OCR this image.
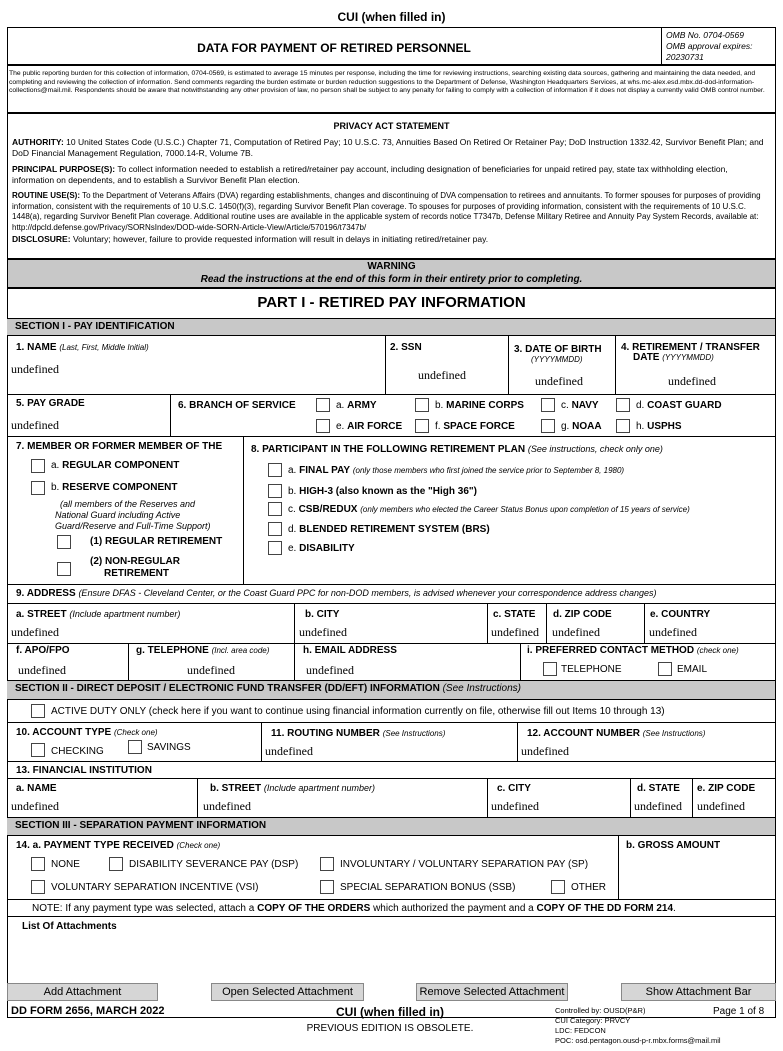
CUI (when filled in)
DATA FOR PAYMENT OF RETIRED PERSONNEL
OMB No. 0704-0569
OMB approval expires:
20230731
The public reporting burden for this collection of information, 0704-0569, is estimated to average 15 minutes per response, including the time for reviewing instructions, searching existing data sources, gathering and maintaining the data needed, and completing and reviewing the collection of information. Send comments regarding the burden estimate or burden reduction suggestions to the Department of Defense, Washington Headquarters Services, at whs.mc-alex.esd.mbx.dd-dod-information-collections@mail.mil. Respondents should be aware that notwithstanding any other provision of law, no person shall be subject to any penalty for failing to comply with a collection of information if it does not display a currently valid OMB control number.
PRIVACY ACT STATEMENT
AUTHORITY: 10 United States Code (U.S.C.) Chapter 71, Computation of Retired Pay; 10 U.S.C. 73, Annuities Based On Retired Or Retainer Pay; DoD Instruction 1332.42, Survivor Benefit Plan; and DoD Financial Management Regulation, 7000.14-R, Volume 7B.
PRINCIPAL PURPOSE(S): To collect information needed to establish a retired/retainer pay account, including designation of beneficiaries for unpaid retired pay, state tax withholding election, information on dependents, and to establish a Survivor Benefit Plan election.
ROUTINE USE(S): To the Department of Veterans Affairs (DVA) regarding establishments, changes and discontinuing of DVA compensation to retirees and annuitants. To former spouses for purposes of providing information, consistent with the requirements of 10 U.S.C. 1450(f)(3), regarding Survivor Benefit Plan coverage. To spouses for purposes of providing information, consistent with the requirements of 10 U.S.C. 1448(a), regarding Survivor Benefit Plan coverage. Additional routine uses are available in the applicable system of records notice T7347b, Defense Military Retiree and Annuity Pay System Records, available at: http://dpcld.defense.gov/Privacy/SORNsIndex/DOD-wide-SORN-Article-View/Article/570196/t7347b/
DISCLOSURE: Voluntary; however, failure to provide requested information will result in delays in initiating retired/retainer pay.
WARNING
Read the instructions at the end of this form in their entirety prior to completing.
PART I - RETIRED PAY INFORMATION
SECTION I - PAY IDENTIFICATION
1. NAME (Last, First, Middle Initial)
undefined
2. SSN
undefined
3. DATE OF BIRTH
(YYYYMMDD)
undefined
4. RETIREMENT / TRANSFER
DATE (YYYYMMDD)
undefined
5. PAY GRADE
undefined
6. BRANCH OF SERVICE	a. ARMY	b. MARINE CORPS	c. NAVY	d. COAST GUARD
e. AIR FORCE	f. SPACE FORCE	g. NOAA	h. USPHS
7. MEMBER OR FORMER MEMBER OF THE
a. REGULAR COMPONENT
b. RESERVE COMPONENT
(all members of the Reserves and
National Guard including Active
Guard/Reserve and Full-Time Support)
(1) REGULAR RETIREMENT
(2) NON-REGULAR
RETIREMENT
8. PARTICIPANT IN THE FOLLOWING RETIREMENT PLAN (See instructions, check only one)
a. FINAL PAY (only those members who first joined the service prior to September 8, 1980)
b. HIGH-3 (also known as the "High 36")
c. CSB/REDUX (only members who elected the Career Status Bonus upon completion of 15 years of service)
d. BLENDED RETIREMENT SYSTEM (BRS)
e. DISABILITY
9. ADDRESS (Ensure DFAS - Cleveland Center, or the Coast Guard PPC for non-DOD members, is advised whenever your correspondence address changes)
a. STREET (Include apartment number)
undefined
b. CITY
undefined
c. STATE
undefined
d. ZIP CODE
undefined
e. COUNTRY
undefined
f. APO/FPO
undefined
g. TELEPHONE (Incl. area code)
undefined
h. EMAIL ADDRESS
undefined
i. PREFERRED CONTACT METHOD (check one)
TELEPHONE	EMAIL
SECTION II - DIRECT DEPOSIT / ELECTRONIC FUND TRANSFER (DD/EFT) INFORMATION (See Instructions)
ACTIVE DUTY ONLY (check here if you want to continue using financial information currently on file, otherwise fill out Items 10 through 13)
10. ACCOUNT TYPE (Check one)
CHECKING	SAVINGS
11. ROUTING NUMBER (See Instructions)
undefined
12. ACCOUNT NUMBER (See Instructions)
undefined
13. FINANCIAL INSTITUTION
a. NAME
undefined
b. STREET (Include apartment number)
undefined
c. CITY
undefined
d. STATE
undefined
e. ZIP CODE
undefined
SECTION III - SEPARATION PAYMENT INFORMATION
14. a. PAYMENT TYPE RECEIVED (Check one)	b. GROSS AMOUNT
NONE	DISABILITY SEVERANCE PAY (DSP)	INVOLUNTARY / VOLUNTARY SEPARATION PAY (SP)
VOLUNTARY SEPARATION INCENTIVE (VSI)	SPECIAL SEPARATION BONUS (SSB)	OTHER
NOTE: If any payment type was selected, attach a COPY OF THE ORDERS which authorized the payment and a COPY OF THE DD FORM 214.
List Of Attachments
Add Attachment	Open Selected Attachment	Remove Selected Attachment	Show Attachment Bar
DD FORM 2656, MARCH 2022	CUI (when filled in)
PREVIOUS EDITION IS OBSOLETE.
Controlled by: OUSD(P&R)
CUI Category: PRVCY
LDC: FEDCON
POC: osd.pentagon.ousd-p-r.mbx.forms@mail.mil
Page 1 of 8
